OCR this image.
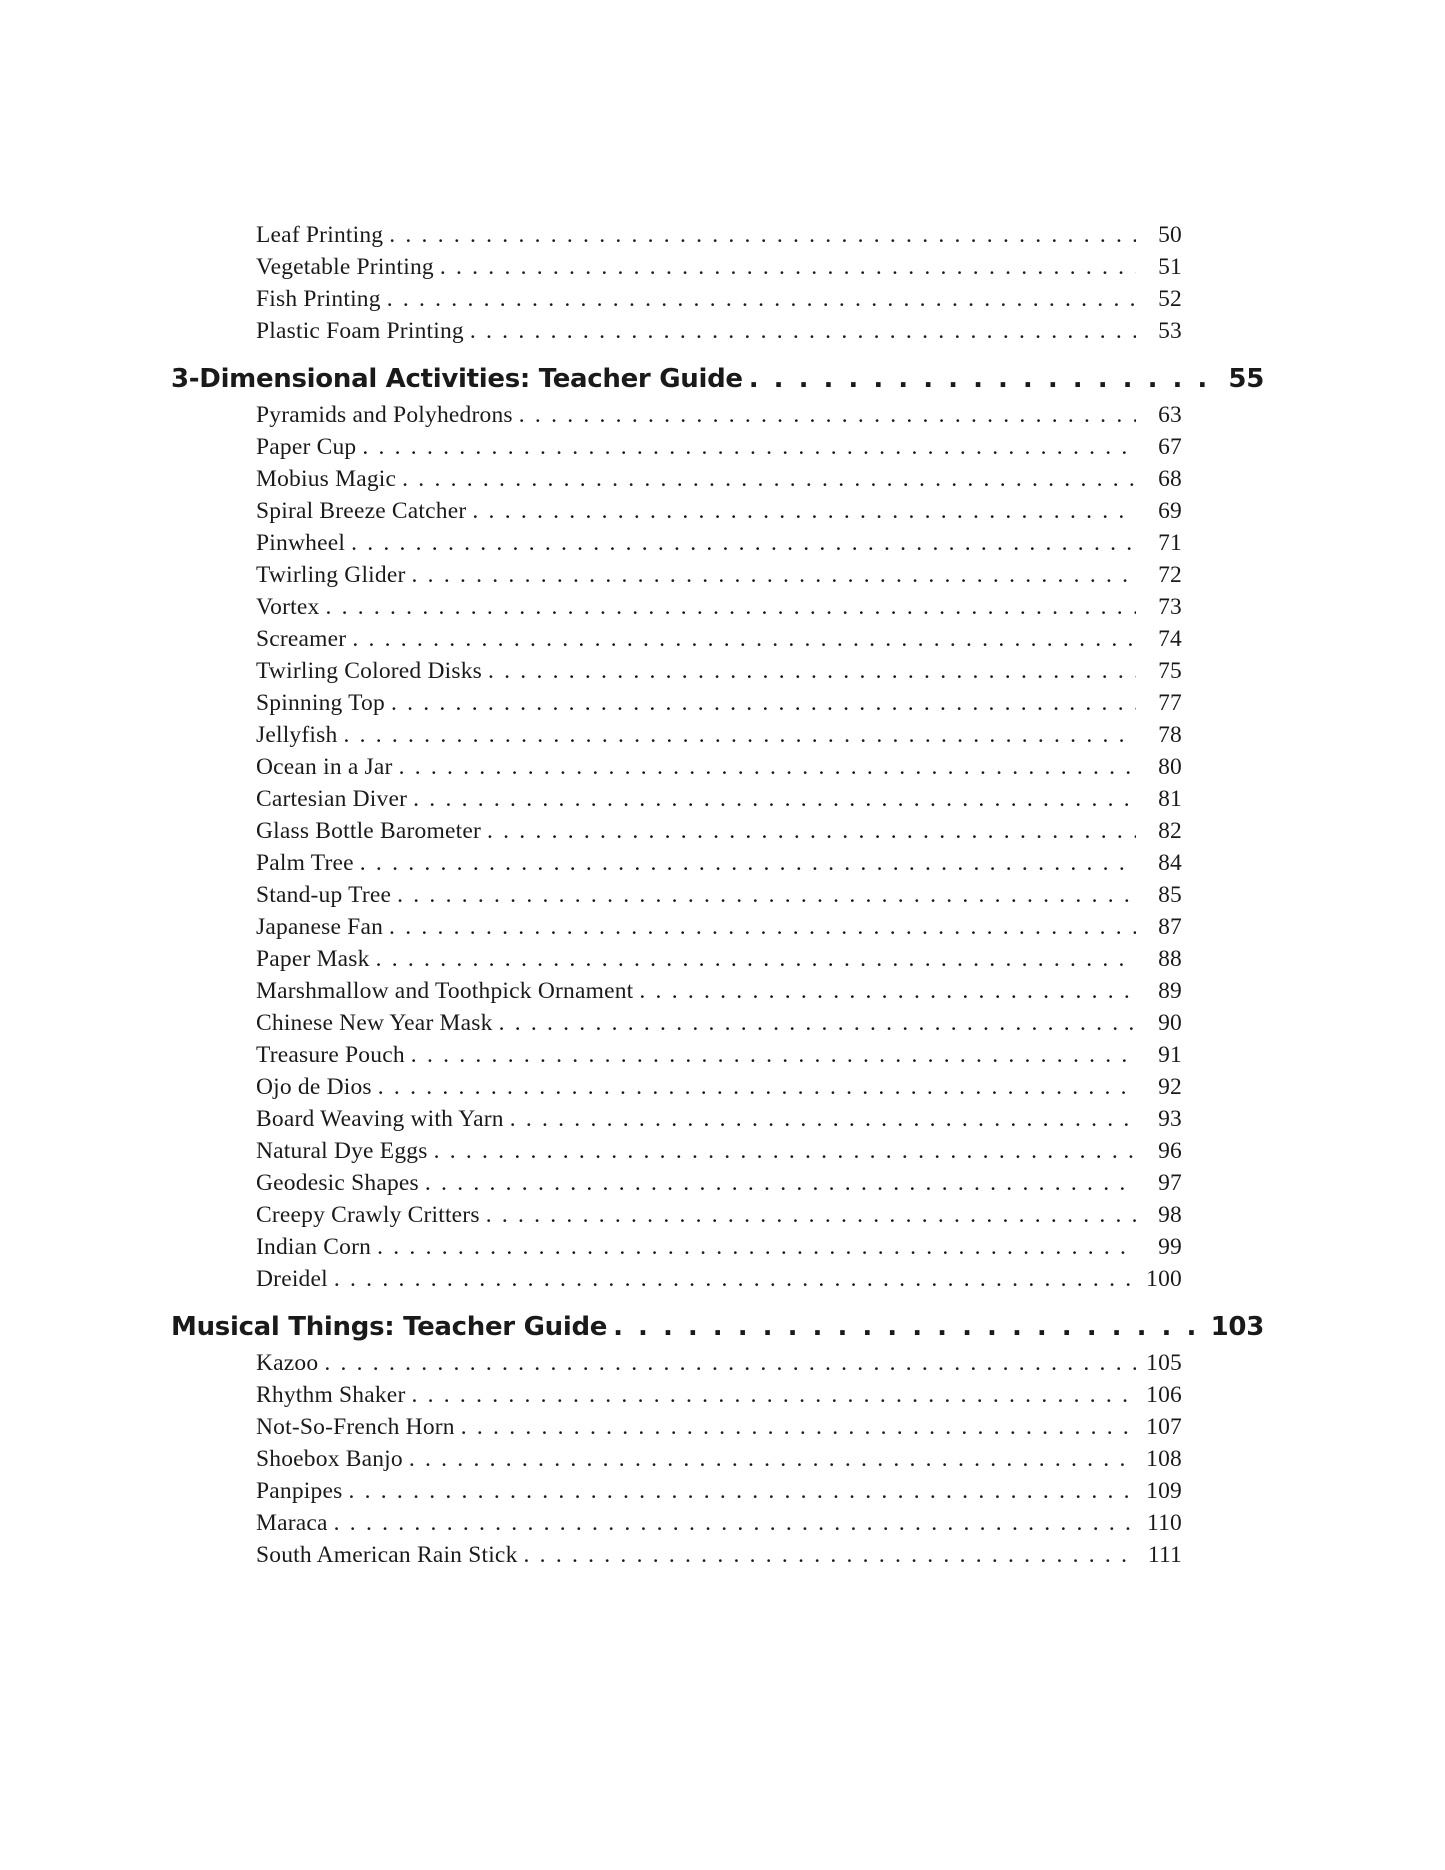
Leaf Printing . . .	50
Vegetable Printing . . .	51
Fish Printing . . .	52
Plastic Foam Printing . . .	53
3-Dimensional Activities: Teacher Guide . . .	55
Pyramids and Polyhedrons . . .	63
Paper Cup . . .	67
Mobius Magic . . .	68
Spiral Breeze Catcher . . .	69
Pinwheel . . .	71
Twirling Glider . . .	72
Vortex . . .	73
Screamer . . .	74
Twirling Colored Disks . . .	75
Spinning Top . . .	77
Jellyfish . . .	78
Ocean in a Jar . . .	80
Cartesian Diver . . .	81
Glass Bottle Barometer . . .	82
Palm Tree . . .	84
Stand-up Tree . . .	85
Japanese Fan . . .	87
Paper Mask . . .	88
Marshmallow and Toothpick Ornament . . .	89
Chinese New Year Mask . . .	90
Treasure Pouch . . .	91
Ojo de Dios . . .	92
Board Weaving with Yarn . . .	93
Natural Dye Eggs . . .	96
Geodesic Shapes . . .	97
Creepy Crawly Critters . . .	98
Indian Corn . . .	99
Dreidel . . .	100
Musical Things: Teacher Guide . . .	103
Kazoo . . .	105
Rhythm Shaker . . .	106
Not-So-French Horn . . .	107
Shoebox Banjo . . .	108
Panpipes . . .	109
Maraca . . .	110
South American Rain Stick . . .	111
